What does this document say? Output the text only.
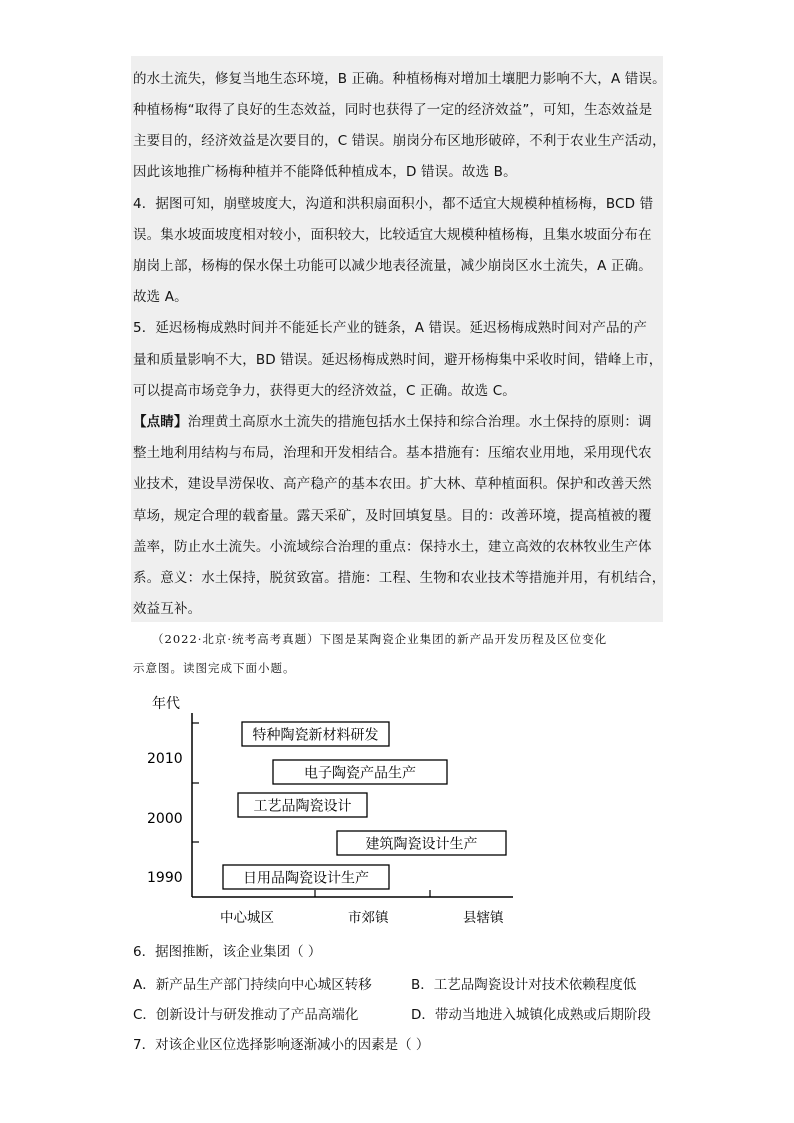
的水土流失，修复当地生态环境，B 正确。种植杨梅对增加土壤肥力影响不大，A 错误。
种植杨梅“取得了良好的生态效益，同时也获得了一定的经济效益”，可知，生态效益是
主要目的，经济效益是次要目的，C 错误。崩岗分布区地形破碎，不利于农业生产活动，
因此该地推广杨梅种植并不能降低种植成本，D 错误。故选 B。
4．据图可知，崩壁坡度大，沟道和洪积扇面积小，都不适宜大规模种植杨梅，BCD 错
误。集水坡面坡度相对较小，面积较大，比较适宜大规模种植杨梅，且集水坡面分布在
崩岗上部，杨梅的保水保土功能可以减少地表径流量，减少崩岗区水土流失，A 正确。
故选 A。
5．延迟杨梅成熟时间并不能延长产业的链条，A 错误。延迟杨梅成熟时间对产品的产
量和质量影响不大，BD 错误。延迟杨梅成熟时间，避开杨梅集中采收时间，错峰上市，
可以提高市场竞争力，获得更大的经济效益，C 正确。故选 C。
【点睛】治理黄土高原水土流失的措施包括水土保持和综合治理。水土保持的原则：调
整土地利用结构与布局，治理和开发相结合。基本措施有：压缩农业用地，采用现代农
业技术，建设旱涝保收、高产稳产的基本农田。扩大林、草种植面积。保护和改善天然
草场，规定合理的载畜量。露天采矿，及时回填复垦。目的：改善环境，提高植被的覆
盖率，防止水土流失。小流域综合治理的重点：保持水土，建立高效的农林牧业生产体
系。意义：水土保持，脱贫致富。措施：工程、生物和农业技术等措施并用，有机结合，
效益互补。
（2022·北京·统考高考真题）下图是某陶瓷企业集团的新产品开发历程及区位变化
示意图。读图完成下面小题。
年代
2010
2000
1990
中心城区	市郊镇	县辖镇
特种陶瓷新材料研发
电子陶瓷产品生产
工艺品陶瓷设计
建筑陶瓷设计生产
日用品陶瓷设计生产
6．据图推断，该企业集团（ ）
A．新产品生产部门持续向中心城区转移	B．工艺品陶瓷设计对技术依赖程度低
C．创新设计与研发推动了产品高端化	D．带动当地进入城镇化成熟或后期阶段
7．对该企业区位选择影响逐渐减小的因素是（ ）
